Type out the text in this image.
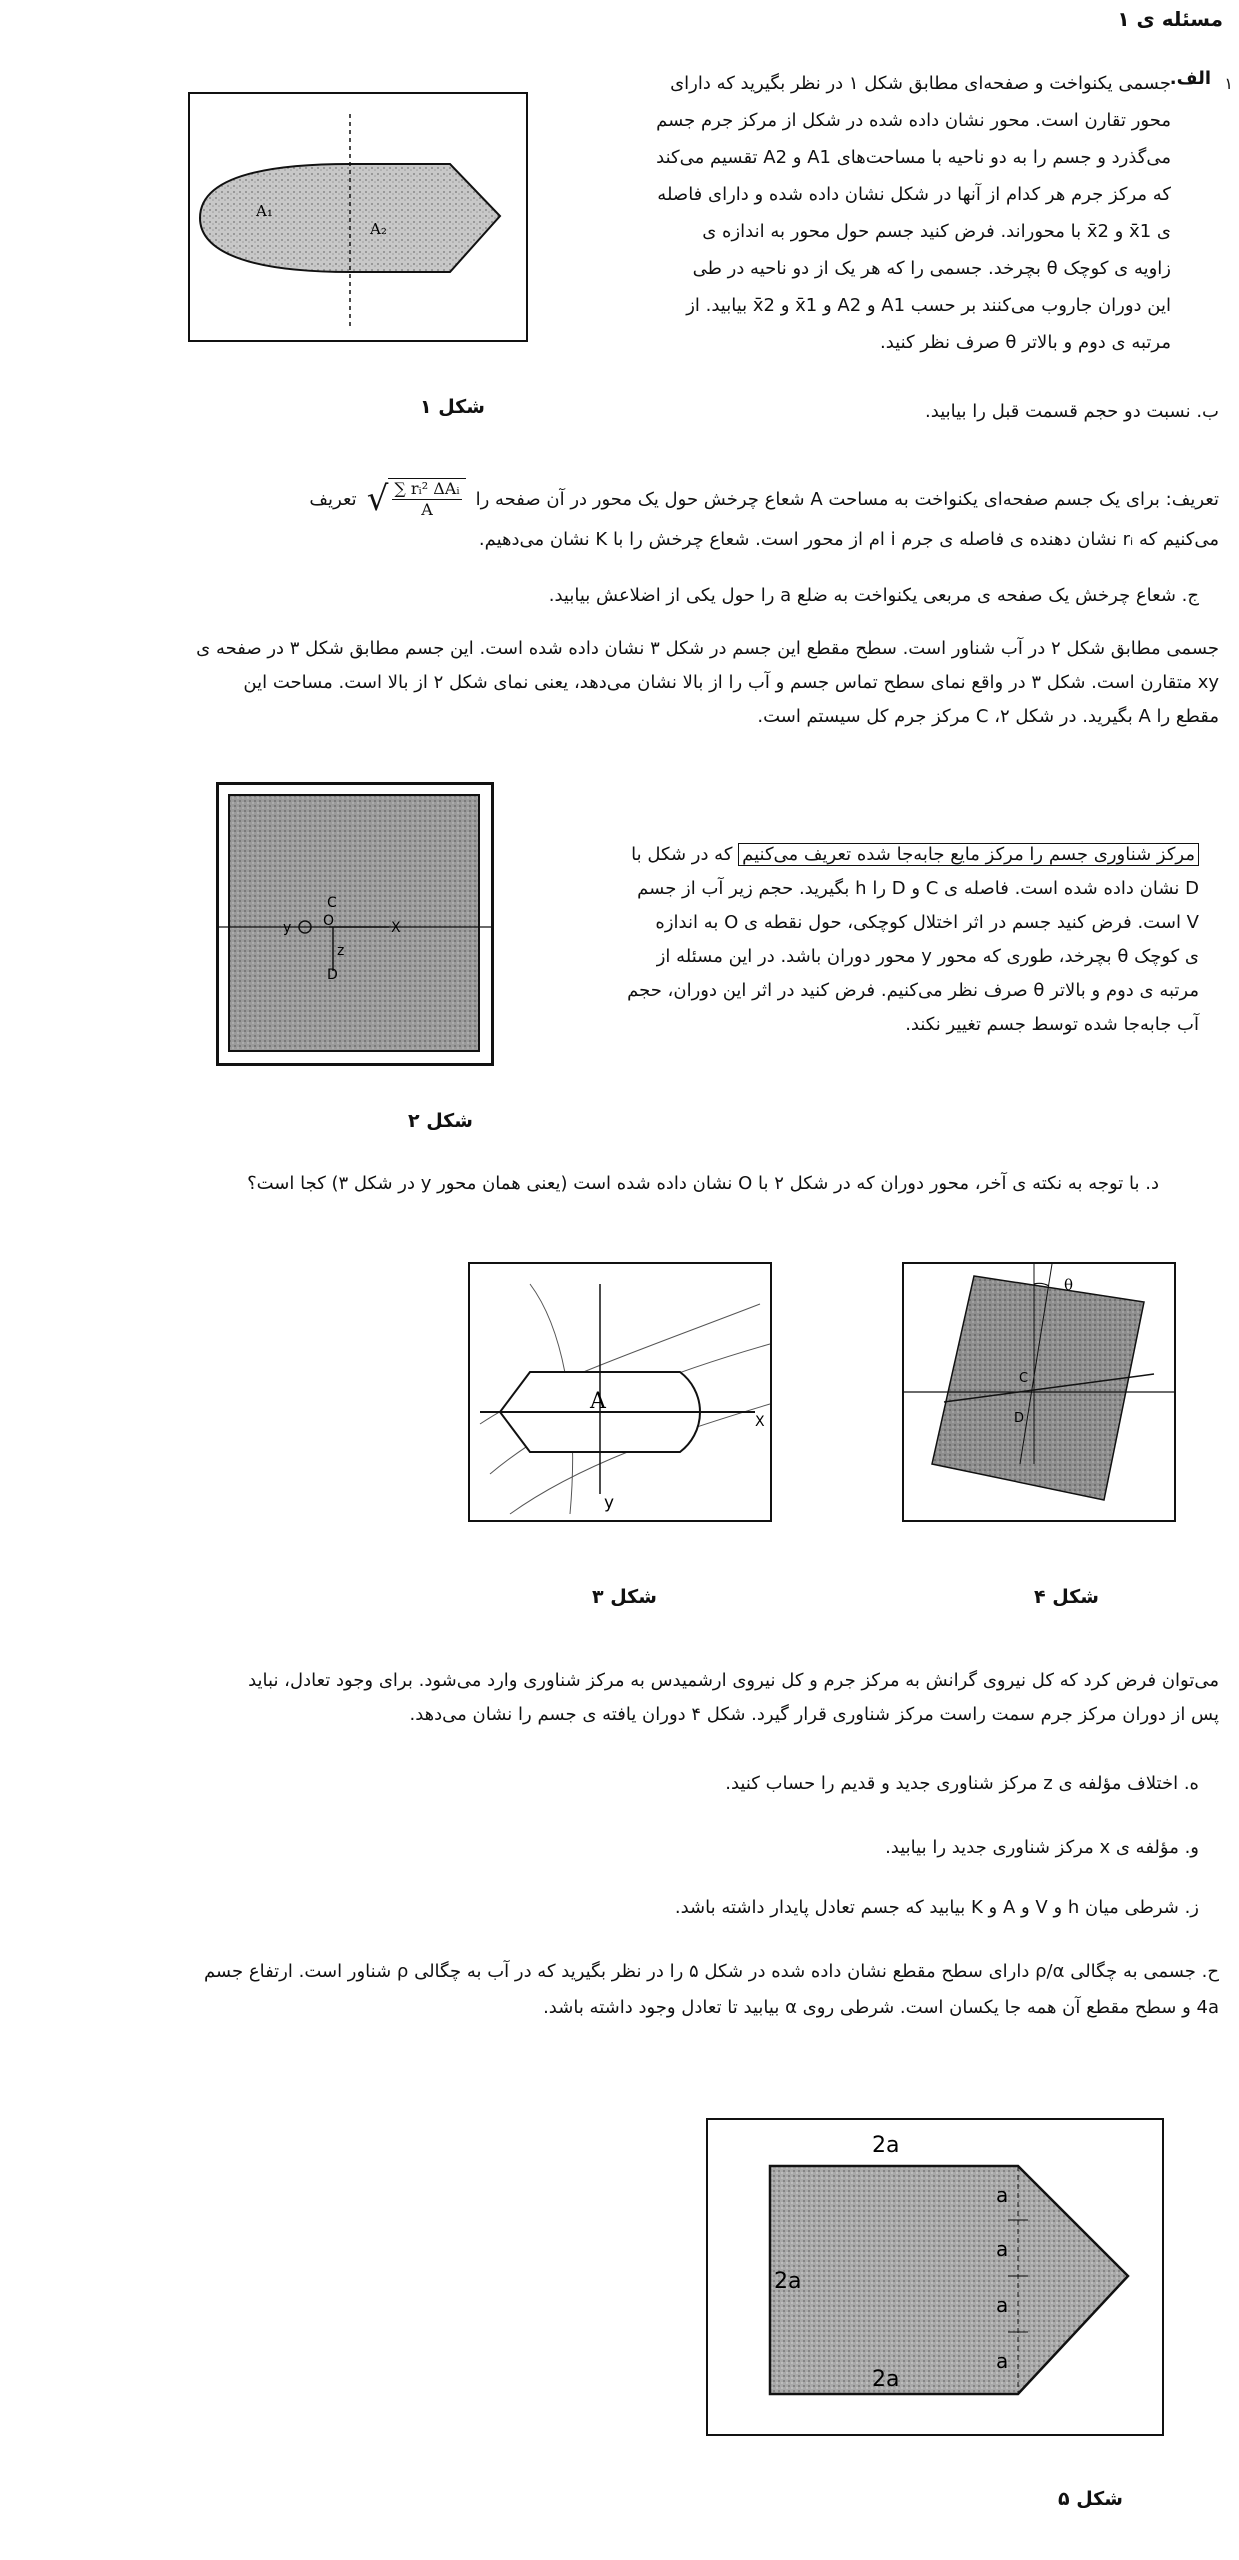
مسئله ی ۱
۱
الف.
جسمی یکنواخت و صفحه‌ای مطابق شکل ۱ در نظر بگیرید که دارای
محور تقارن است. محور نشان داده شده در شکل از مرکز جرم جسم
می‌گذرد و جسم را به دو ناحیه با مساحت‌های A1 و A2 تقسیم می‌کند
که مرکز جرم هر کدام از آنها در شکل نشان داده شده و دارای فاصله
ی x̄1 و x̄2 با محوراند. فرض کنید جسم حول محور به اندازه ی
زاویه ی کوچک θ بچرخد. جسمی را که هر یک از دو ناحیه در طی
این دوران جاروب می‌کنند بر حسب A1 و A2 و x̄1 و x̄2 بیابید. از
مرتبه ی دوم و بالاتر θ صرف نظر کنید.
A₁
A₂
شکل ۱	ب. نسبت دو حجم قسمت قبل را بیابید.
تعریف: برای یک جسم صفحه‌ای یکنواخت به مساحت A شعاع چرخش حول یک محور در آن صفحه را
√ ∑ rᵢ² ΔAᵢ
A
تعریف
می‌کنیم که rᵢ نشان دهنده ی فاصله ی جرم i ام از محور است. شعاع چرخش را با K نشان می‌دهیم.
ج. شعاع چرخش یک صفحه ی مربعی یکنواخت به ضلع a را حول یکی از اضلاعش بیابید.
جسمی مطابق شکل ۲ در آب شناور است. سطح مقطع این جسم در شکل ۳ نشان داده شده است. این جسم مطابق شکل ۳ در صفحه ی
xy متقارن است. شکل ۳ در واقع نمای سطح تماس جسم و آب را از بالا نشان می‌دهد، یعنی نمای شکل ۲ از بالا است. مساحت این
مقطع را A بگیرید. در شکل ۲، C مرکز جرم کل سیستم است.
C
O
D
X
y
z
مرکز شناوری جسم را مرکز مایع جابه‌جا شده تعریف می‌کنیم که در شکل با
D نشان داده شده است. فاصله ی C و D را h بگیرید. حجم زیر آب از جسم
V است. فرض کنید جسم در اثر اختلال کوچکی، حول نقطه ی O به اندازه
ی کوچک θ بچرخد، طوری که محور y محور دوران باشد. در این مسئله از
مرتبه ی دوم و بالاتر θ صرف نظر می‌کنیم. فرض کنید در اثر این دوران، حجم
آب جابه‌جا شده توسط جسم تغییر نکند.
شکل ۲
د. با توجه به نکته ی آخر، محور دوران که در شکل ۲ با O نشان داده شده است (یعنی همان محور y در شکل ۳) کجا است؟
A
X
y
شکل ۳
θ
C
D
شکل ۴
می‌توان فرض کرد که کل نیروی گرانش به مرکز جرم و کل نیروی ارشمیدس به مرکز شناوری وارد می‌شود. برای وجود تعادل، نباید
پس از دوران مرکز جرم سمت راست مرکز شناوری قرار گیرد. شکل ۴ دوران یافته ی جسم را نشان می‌دهد.
ه. اختلاف مؤلفه ی z مرکز شناوری جدید و قدیم را حساب کنید.
و. مؤلفه ی x مرکز شناوری جدید را بیابید.
ز. شرطی میان h و V و A و K بیابید که جسم تعادل پایدار داشته باشد.
ح. جسمی به چگالی ρ/α دارای سطح مقطع نشان داده شده در شکل ۵ را در نظر بگیرید که در آب به چگالی ρ شناور است. ارتفاع جسم
4a و سطح مقطع آن همه جا یکسان است. شرطی روی α بیابید تا تعادل وجود داشته باشد.
2a
2a
2a
a
a
a
a
شکل ۵
